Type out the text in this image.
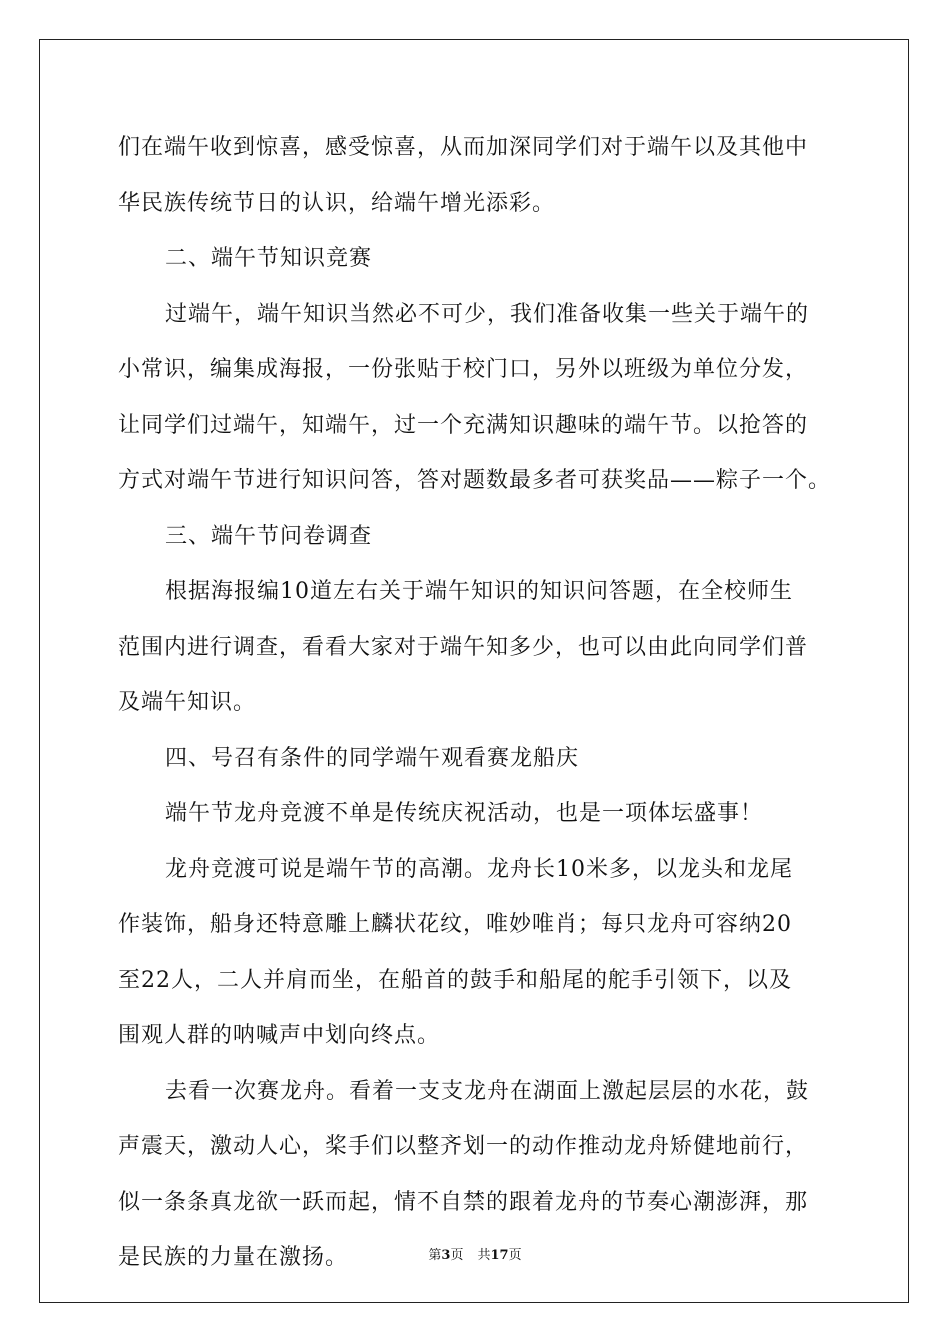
们在端午收到惊喜，感受惊喜，从而加深同学们对于端午以及其他中
华民族传统节日的认识，给端午增光添彩。
二、端午节知识竞赛
过端午，端午知识当然必不可少，我们准备收集一些关于端午的
小常识，编集成海报，一份张贴于校门口，另外以班级为单位分发，
让同学们过端午，知端午，过一个充满知识趣味的端午节。以抢答的
方式对端午节进行知识问答，答对题数最多者可获奖品——粽子一个。
三、端午节问卷调查
根据海报编10道左右关于端午知识的知识问答题，在全校师生
范围内进行调查，看看大家对于端午知多少，也可以由此向同学们普
及端午知识。
四、号召有条件的同学端午观看赛龙船庆
端午节龙舟竞渡不单是传统庆祝活动，也是一项体坛盛事！
龙舟竞渡可说是端午节的高潮。龙舟长10米多，以龙头和龙尾
作装饰，船身还特意雕上麟状花纹，唯妙唯肖；每只龙舟可容纳20
至22人，二人并肩而坐，在船首的鼓手和船尾的舵手引领下，以及
围观人群的呐喊声中划向终点。
去看一次赛龙舟。看着一支支龙舟在湖面上激起层层的水花，鼓
声震天，激动人心，桨手们以整齐划一的动作推动龙舟矫健地前行，
似一条条真龙欲一跃而起，情不自禁的跟着龙舟的节奏心潮澎湃，那
是民族的力量在激扬。	第3页 共17页
